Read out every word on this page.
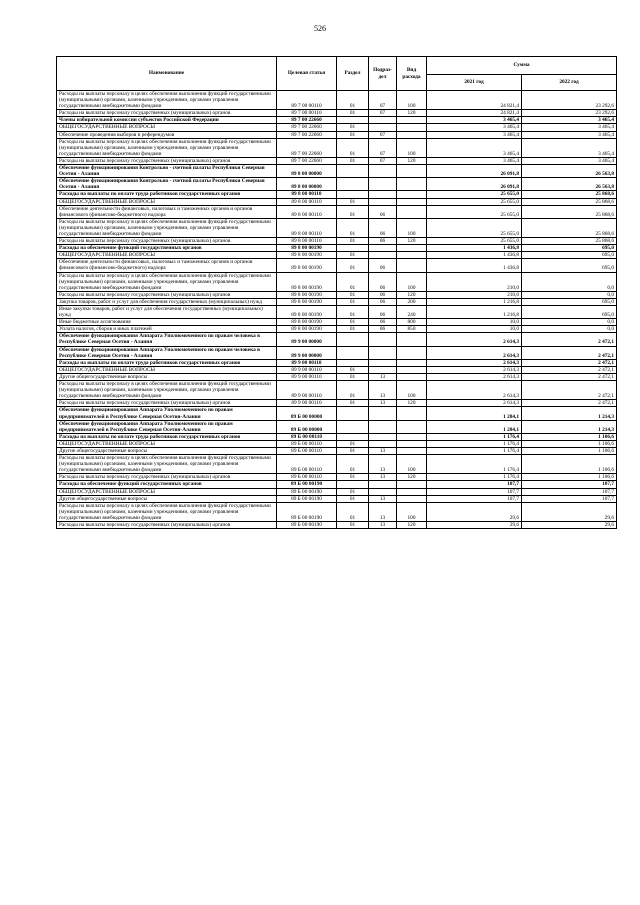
526
Наименование	Целевая статья	Раздел	Подраз-дел	Вид расхода	Сумма	
					2021 год	2022 год
Расходы на выплаты персоналу в целях обеспечения выполнения функций государственными (муниципальными) органами, казенными учреждениями, органами управления государственными внебюджетными фондами	89 7 00 00110	01	07	100	24 821,4	23 292,6
Расходы на выплаты персоналу государственных (муниципальных) органов	89 7 00 00110	01	07	120	24 821,4	23 292,6
Члены избирательной комиссии субъектов Российской Федерации	89 7 00 22660				3 465,4	3 465,4
ОБЩЕГОСУДАРСТВЕННЫЕ ВОПРОСЫ	89 7 00 22660	01			3 465,4	3 465,4
Обеспечение проведения выборов и референдумов	89 7 00 22660	01	07		3 465,4	3 465,4
Расходы на выплаты персоналу в целях обеспечения выполнения функций государственными (муниципальными) органами, казенными учреждениями, органами управления государственными внебюджетными фондами	89 7 00 22660	01	07	100	3 465,4	3 465,4
Расходы на выплаты персоналу государственных (муниципальных) органов	89 7 00 22660	01	07	120	3 465,4	3 465,4
Обеспечение функционирования Контрольно - счетной палаты Республики Северная Осетия - Алания	89 8 00 00000				26 091,8	26 563,8
Обеспечение функционирования Контрольно - счетной палаты Республики Северная Осетия - Алания	89 8 00 00000				26 091,8	26 563,8
Расходы на выплаты по оплате труда работников государственных органов	89 8 00 00110				25 655,0	25 868,6
ОБЩЕГОСУДАРСТВЕННЫЕ ВОПРОСЫ	89 8 00 00110	01			25 655,0	25 868,6
Обеспечение деятельности финансовых, налоговых и таможенных органов и органов финансового (финансово-бюджетного) надзора	89 8 00 00110	01	06		25 655,0	25 868,6
Расходы на выплаты персоналу в целях обеспечения выполнения функций государственными (муниципальными) органами, казенными учреждениями, органами управления государственными внебюджетными фондами	89 8 00 00110	01	06	100	25 655,0	25 868,6
Расходы на выплаты персоналу государственных (муниципальных) органов	89 8 00 00110	01	06	120	25 655,0	25 868,6
Расходы на обеспечение функций государственных органов	89 8 00 00190				1 436,8	695,0
ОБЩЕГОСУДАРСТВЕННЫЕ ВОПРОСЫ	89 8 00 00190	01			1 436,8	695,0
Обеспечение деятельности финансовых, налоговых и таможенных органов и органов финансового (финансово-бюджетного) надзора	89 8 00 00190	01	06		1 436,8	695,0
Расходы на выплаты персоналу в целях обеспечения выполнения функций государственными (муниципальными) органами, казенными учреждениями, органами управления государственными внебюджетными фондами	89 8 00 00190	01	06	100	210,0	0,0
Расходы на выплаты персоналу государственных (муниципальных) органов	89 8 00 00190	01	06	120	210,0	0,0
Закупка товаров, работ и услуг для обеспечения государственных (муниципальных) нужд	89 8 00 00190	01	06	200	1 216,8	695,0
Иные закупки товаров, работ и услуг для обеспечения государственных (муниципальных) нужд	89 8 00 00190	01	06	240	1 216,8	695,0
Иные бюджетные ассигнования	89 8 00 00190	01	06	800	10,0	0,0
Уплата налогов, сборов и иных платежей	89 8 00 00190	01	06	850	10,0	0,0
Обеспечение функционирования Аппарата Уполномоченного по правам человека в Республике Северная Осетия - Алания	89 9 00 00000				2 614,3	2 472,1
Обеспечение функционирования Аппарата Уполномоченного по правам человека в Республике Северная Осетия - Алания	89 9 00 00000				2 614,3	2 472,1
Расходы на выплаты по оплате труда работников государственных органов	89 9 00 00110				2 614,3	2 472,1
ОБЩЕГОСУДАРСТВЕННЫЕ ВОПРОСЫ	89 9 00 00110	01			2 614,3	2 472,1
Другие общегосударственные вопросы	89 9 00 00110	01	13		2 614,3	2 472,1
Расходы на выплаты персоналу в целях обеспечения выполнения функций государственными (муниципальными) органами, казенными учреждениями, органами управления государственными внебюджетными фондами	89 9 00 00110	01	13	100	2 614,3	2 472,1
Расходы на выплаты персоналу государственных (муниципальных) органов	89 9 00 00110	01	13	120	2 614,3	2 472,1
Обеспечение функционирования Аппарата Уполномоченного по правам предпринимателей в Республике Северная Осетия-Алания	89 Б 00 00000				1 284,1	1 214,3
Обеспечение функционирования Аппарата Уполномоченного по правам предпринимателей в Республике Северная Осетия-Алания	89 Б 00 00000				1 284,1	1 214,3
Расходы на выплаты по оплате труда работников государственных органов	89 Б 00 00110				1 176,4	1 106,6
ОБЩЕГОСУДАРСТВЕННЫЕ ВОПРОСЫ	89 Б 00 00110	01			1 176,4	1 106,6
Другие общегосударственные вопросы	89 Б 00 00110	01	13		1 176,4	1 106,6
Расходы на выплаты персоналу в целях обеспечения выполнения функций государственными (муниципальными) органами, казенными учреждениями, органами управления государственными внебюджетными фондами	89 Б 00 00110	01	13	100	1 176,4	1 106,6
Расходы на выплаты персоналу государственных (муниципальных) органов	89 Б 00 00110	01	13	120	1 176,4	1 106,6
Расходы на обеспечение функций государственных органов	89 Б 00 00190				107,7	107,7
ОБЩЕГОСУДАРСТВЕННЫЕ ВОПРОСЫ	89 Б 00 00190	01			107,7	107,7
Другие общегосударственные вопросы	89 Б 00 00190	01	13		107,7	107,7
Расходы на выплаты персоналу в целях обеспечения выполнения функций государственными (муниципальными) органами, казенными учреждениями, органами управления государственными внебюджетными фондами	89 Б 00 00190	01	13	100	29,6	29,6
Расходы на выплаты персоналу государственных (муниципальных) органов	89 Б 00 00190	01	13	120	29,6	29,6
